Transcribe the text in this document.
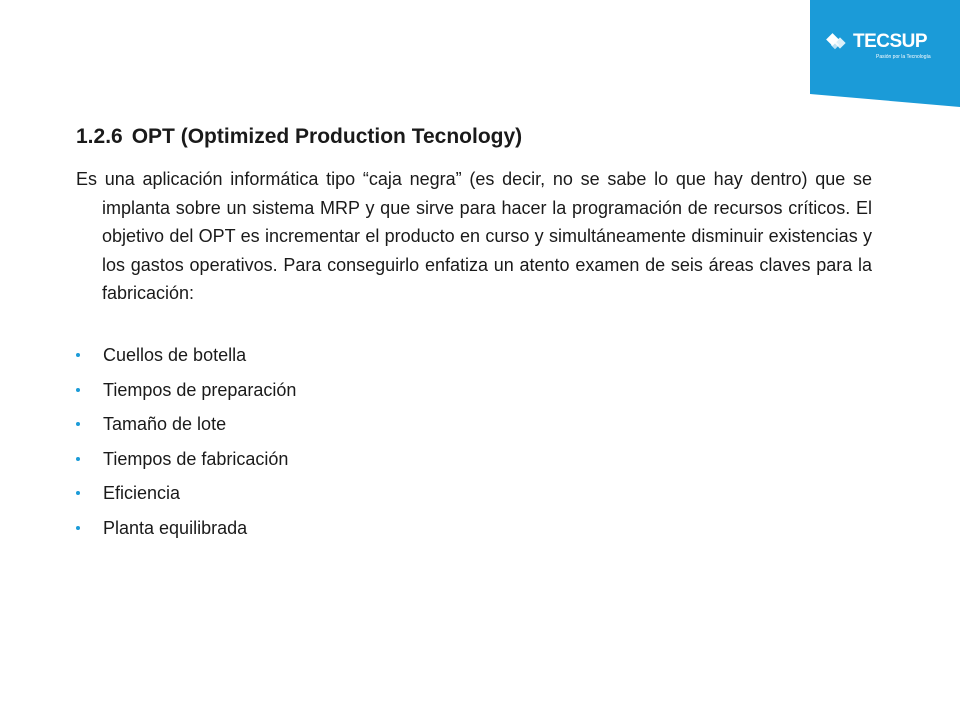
TECSUP
Pasión por la Tecnología
1.2.6 OPT (Optimized Production Tecnology)

Es una aplicación informática tipo “caja negra” (es decir, no se sabe lo que hay dentro) que se implanta sobre un sistema MRP y que sirve para hacer la programación de recursos críticos. El objetivo del OPT es incrementar el producto en curso y simultáneamente disminuir existencias y los gastos operativos. Para conseguirlo enfatiza un atento examen de seis áreas claves para la fabricación:

Cuellos de botella
Tiempos de preparación
Tamaño de lote
Tiempos de fabricación
Eficiencia
Planta equilibrada
